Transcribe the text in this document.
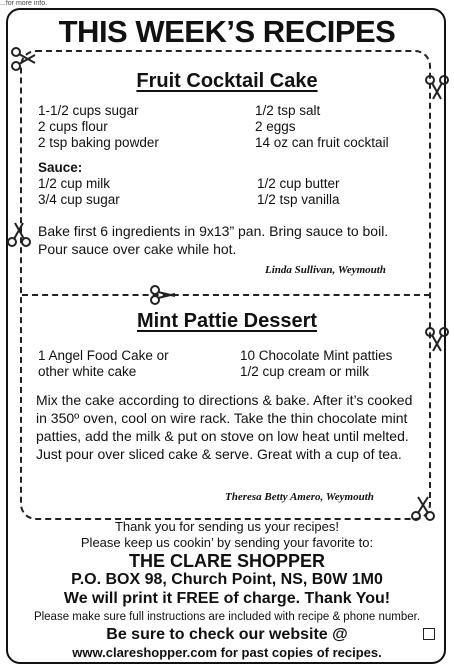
...for more info.
THIS WEEK’S RECIPES
Fruit Cocktail Cake
1-1/2 cups sugar
2 cups flour
2 tsp baking powder
1/2 tsp salt
2 eggs
14 oz can fruit cocktail
Sauce:
1/2 cup milk
3/4 cup sugar
1/2 cup butter
1/2 tsp vanilla
Bake first 6 ingredients in 9x13” pan. Bring sauce to boil. Pour sauce over cake while hot.
Linda Sullivan, Weymouth
Mint Pattie Dessert
1 Angel Food Cake or
other white cake
10 Chocolate Mint patties
1/2 cup cream or milk
Mix the cake according to directions & bake. After it’s cooked in 350º oven, cool on wire rack. Take the thin chocolate mint patties, add the milk & put on stove on low heat until melted. Just pour over sliced cake & serve. Great with a cup of tea.
Theresa Betty Amero, Weymouth
Thank you for sending us your recipes!
Please keep us cookin’ by sending your favorite to:
THE CLARE SHOPPER
P.O. BOX 98, Church Point, NS, B0W 1M0
We will print it FREE of charge. Thank You!
Please make sure full instructions are included with recipe & phone number.
Be sure to check our website @
www.clareshopper.com for past copies of recipes.
